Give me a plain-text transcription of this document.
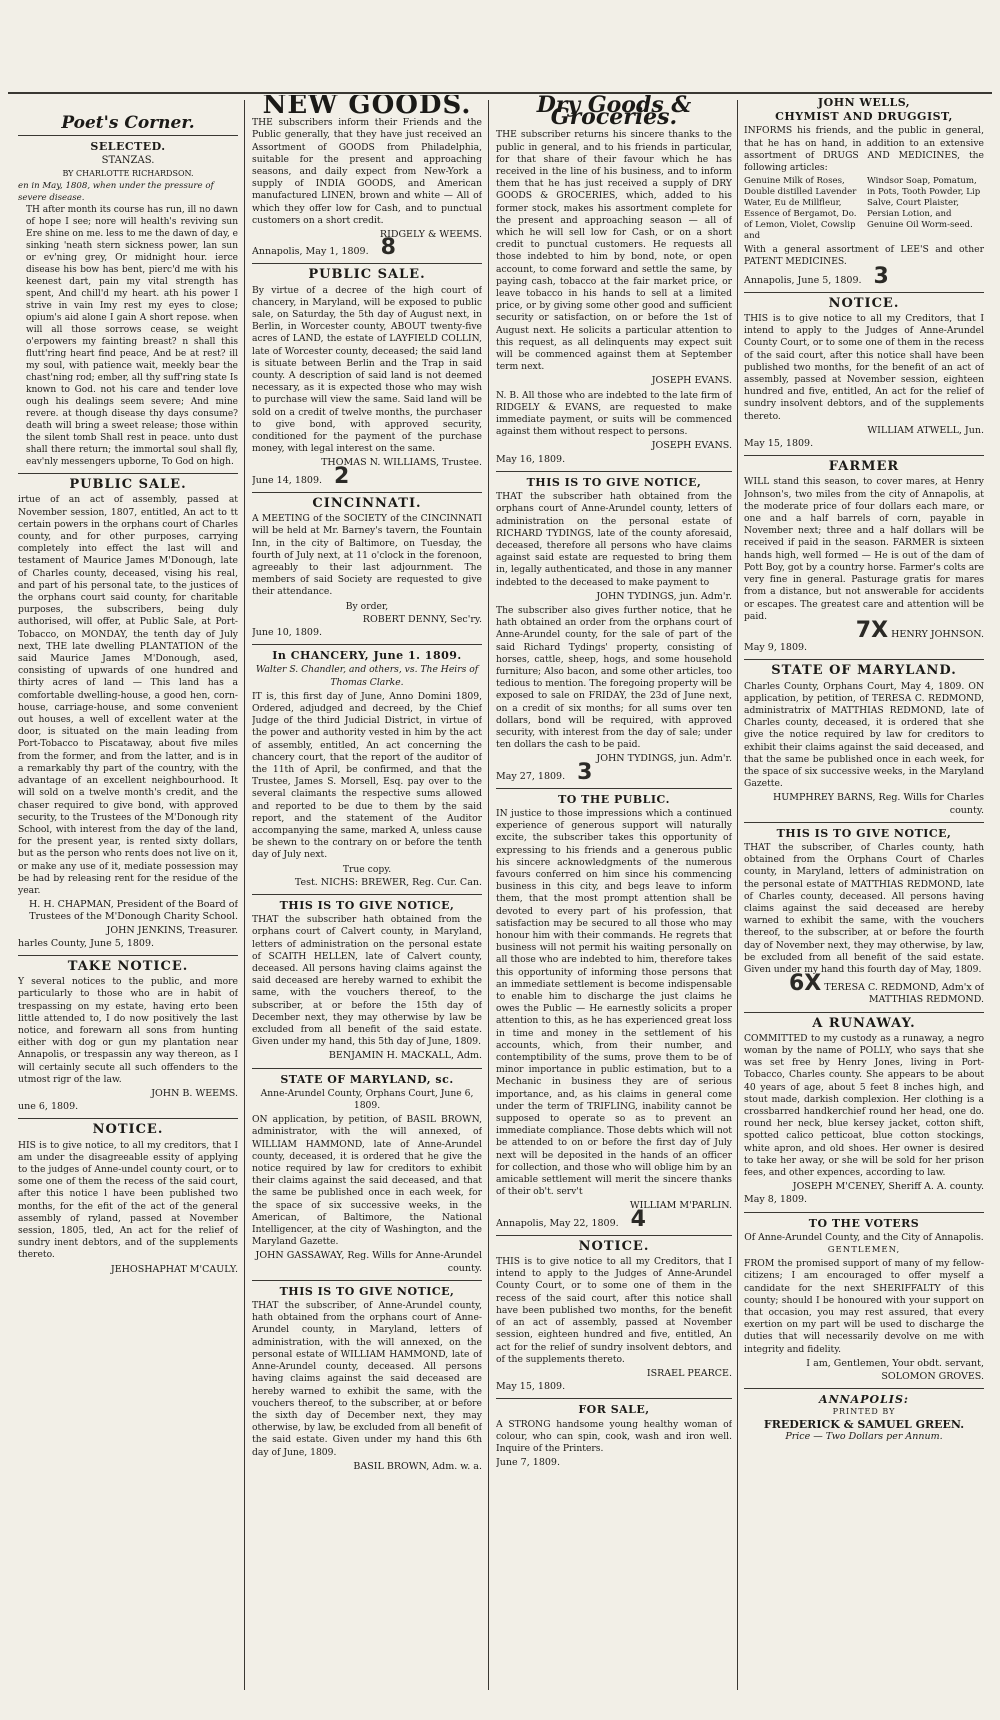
Poet's Corner.
SELECTED.
STANZAS.
BY CHARLOTTE RICHARDSON.
en in May, 1808, when under the pressure of severe disease.

TH after month its course has run, ill no dawn of hope I see; nore will health's reviving sun Ere shine on me. less to me the dawn of day, e sinking 'neath stern sickness power, lan sun or ev'ning grey, Or midnight hour. ierce disease his bow has bent, pierc'd me with his keenest dart, pain my vital strength has spent, And chill'd my heart. ath his power I strive in vain Imy rest my eyes to close; opium's aid alone I gain A short repose. when will all those sorrows cease, se weight o'erpowers my fainting breast? n shall this flutt'ring heart find peace, And be at rest? ill my soul, with patience wait, meekly bear the chast'ning rod; ember, all thy suff'ring state Is known to God. not his care and tender love ough his dealings seem severe; And mine revere. at though disease thy days consume? death will bring a sweet release; those within the silent tomb Shall rest in peace. unto dust shall there return; the immortal soul shall fly, eav'nly messengers upborne, To God on high.

PUBLIC SALE.

irtue of an act of assembly, passed at November session, 1807, entitled, An act to tt certain powers in the orphans court of Charles county, and for other purposes, carrying completely into effect the last will and testament of Maurice James M'Donough, late of Charles county, deceased, vising his real, and part of his personal tate, to the justices of the orphans court said county, for charitable purposes, the subscribers, being duly authorised, will offer, at Public Sale, at Port-Tobacco, on MONDAY, the tenth day of July next, THE late dwelling PLANTATION of the said Maurice James M'Donough, ased, consisting of upwards of one hundred and thirty acres of land — This land has a comfortable dwelling-house, a good hen, corn-house, carriage-house, and some convenient out houses, a well of excellent water at the door, is situated on the main leading from Port-Tobacco to Piscataway, about five miles from the former, and from the latter, and is in a remarkably thy part of the country, with the advantage of an excellent neighbourhood. It will sold on a twelve month's credit, and the chaser required to give bond, with approved security, to the Trustees of the M'Donough rity School, with interest from the day of the land, for the present year, is rented sixty dollars, but as the person who rents does not live on it, or make any use of it, mediate possession may be had by releasing rent for the residue of the year.

H. H. CHAPMAN, President of the Board of Trustees of the M'Donough Charity School.
JOHN JENKINS, Treasurer.
harles County, June 5, 1809.
TAKE NOTICE.

Y several notices to the public, and more particularly to those who are in habit of trespassing on my estate, having erto been little attended to, I do now positively the last notice, and forewarn all sons from hunting either with dog or gun my plantation near Annapolis, or trespassin any way thereon, as I will certainly secute all such offenders to the utmost rigr of the law.

JOHN B. WEEMS.
une 6, 1809.
NOTICE.

HIS is to give notice, to all my creditors, that I am under the disagreeable essity of applying to the judges of Anne-undel county court, or to some one of them the recess of the said court, after this notice l have been published two months, for the efit of the act of the general assembly of ryland, passed at November session, 1805, tled, An act for the relief of sundry inent debtors, and of the supplements thereto.

JEHOSHAPHAT M'CAULY.
NEW GOODS.

THE subscribers inform their Friends and the Public generally, that they have just received an Assortment of GOODS from Philadelphia, suitable for the present and approaching seasons, and daily expect from New-York a supply of INDIA GOODS, and American manufactured LINEN, brown and white — All of which they offer low for Cash, and to punctual customers on a short credit.

RIDGELY & WEEMS.
Annapolis, May 1, 1809. 8
PUBLIC SALE.

By virtue of a decree of the high court of chancery, in Maryland, will be exposed to public sale, on Saturday, the 5th day of August next, in Berlin, in Worcester county, ABOUT twenty-five acres of LAND, the estate of LAYFIELD COLLIN, late of Worcester county, deceased; the said land is situate between Berlin and the Trap in said county. A description of said land is not deemed necessary, as it is expected those who may wish to purchase will view the same. Said land will be sold on a credit of twelve months, the purchaser to give bond, with approved security, conditioned for the payment of the purchase money, with legal interest on the same.

THOMAS N. WILLIAMS, Trustee.
June 14, 1809. 2
CINCINNATI.

A MEETING of the SOCIETY of the CINCINNATI will be held at Mr. Barney's tavern, the Fountain Inn, in the city of Baltimore, on Tuesday, the fourth of July next, at 11 o'clock in the forenoon, agreeably to their last adjournment. The members of said Society are requested to give their attendance.

By order,
ROBERT DENNY, Sec'ry.
June 10, 1809.
In CHANCERY, June 1. 1809.
Walter S. Chandler, and others, vs. The Heirs of Thomas Clarke.

IT is, this first day of June, Anno Domini 1809, Ordered, adjudged and decreed, by the Chief Judge of the third Judicial District, in virtue of the power and authority vested in him by the act of assembly, entitled, An act concerning the chancery court, that the report of the auditor of the 11th of April, be confirmed, and that the Trustee, James S. Morsell, Esq. pay over to the several claimants the respective sums allowed and reported to be due to them by the said report, and the statement of the Auditor accompanying the same, marked A, unless cause be shewn to the contrary on or before the tenth day of July next.

True copy.
Test. NICHS: BREWER, Reg. Cur. Can.
THIS IS TO GIVE NOTICE,

THAT the subscriber hath obtained from the orphans court of Calvert county, in Maryland, letters of administration on the personal estate of SCAITH HELLEN, late of Calvert county, deceased. All persons having claims against the said deceased are hereby warned to exhibit the same, with the vouchers thereof, to the subscriber, at or before the 15th day of December next, they may otherwise by law be excluded from all benefit of the said estate. Given under my hand, this 5th day of June, 1809.

BENJAMIN H. MACKALL, Adm.
STATE OF MARYLAND, sc.
Anne-Arundel County, Orphans Court, June 6, 1809.

ON application, by petition, of BASIL BROWN, administrator, with the will annexed, of WILLIAM HAMMOND, late of Anne-Arundel county, deceased, it is ordered that he give the notice required by law for creditors to exhibit their claims against the said deceased, and that the same be published once in each week, for the space of six successive weeks, in the American, of Baltimore, the National Intelligencer, at the city of Washington, and the Maryland Gazette.

JOHN GASSAWAY, Reg. Wills for Anne-Arundel county.
THIS IS TO GIVE NOTICE,

THAT the subscriber, of Anne-Arundel county, hath obtained from the orphans court of Anne-Arundel county, in Maryland, letters of administration, with the will annexed, on the personal estate of WILLIAM HAMMOND, late of Anne-Arundel county, deceased. All persons having claims against the said deceased are hereby warned to exhibit the same, with the vouchers thereof, to the subscriber, at or before the sixth day of December next, they may otherwise, by law, be excluded from all benefit of the said estate. Given under my hand this 6th day of June, 1809.

BASIL BROWN, Adm. w. a.
Dry Goods & Groceries.

THE subscriber returns his sincere thanks to the public in general, and to his friends in particular, for that share of their favour which he has received in the line of his business, and to inform them that he has just received a supply of DRY GOODS & GROCERIES, which, added to his former stock, makes his assortment complete for the present and approaching season — all of which he will sell low for Cash, or on a short credit to punctual customers. He requests all those indebted to him by bond, note, or open account, to come forward and settle the same, by paying cash, tobacco at the fair market price, or leave tobacco in his hands to sell at a limited price, or by giving some other good and sufficient security or satisfaction, on or before the 1st of August next. He solicits a particular attention to this request, as all delinquents may expect suit will be commenced against them at September term next.

JOSEPH EVANS.

N. B. All those who are indebted to the late firm of RIDGELY & EVANS, are requested to make immediate payment, or suits will be commenced against them without respect to persons.

JOSEPH EVANS.
May 16, 1809.
THIS IS TO GIVE NOTICE,

THAT the subscriber hath obtained from the orphans court of Anne-Arundel county, letters of administration on the personal estate of RICHARD TYDINGS, late of the county aforesaid, deceased, therefore all persons who have claims against said estate are requested to bring them in, legally authenticated, and those in any manner indebted to the deceased to make payment to

JOHN TYDINGS, jun. Adm'r.

The subscriber also gives further notice, that he hath obtained an order from the orphans court of Anne-Arundel county, for the sale of part of the said Richard Tydings' property, consisting of horses, cattle, sheep, hogs, and some household furniture; Also bacon, and some other articles, too tedious to mention. The foregoing property will be exposed to sale on FRIDAY, the 23d of June next, on a credit of six months; for all sums over ten dollars, bond will be required, with approved security, with interest from the day of sale; under ten dollars the cash to be paid.

JOHN TYDINGS, jun. Adm'r.
May 27, 1809. 3
TO THE PUBLIC.

IN justice to those impressions which a continued experience of generous support will naturally excite, the subscriber takes this opportunity of expressing to his friends and a generous public his sincere acknowledgments of the numerous favours conferred on him since his commencing business in this city, and begs leave to inform them, that the most prompt attention shall be devoted to every part of his profession, that satisfaction may be secured to all those who may honour him with their commands. He regrets that business will not permit his waiting personally on all those who are indebted to him, therefore takes this opportunity of informing those persons that an immediate settlement is become indispensable to enable him to discharge the just claims he owes the Public — He earnestly solicits a proper attention to this, as he has experienced great loss in time and money in the settlement of his accounts, which, from their number, and contemptibility of the sums, prove them to be of minor importance in public estimation, but to a Mechanic in business they are of serious importance, and, as his claims in general come under the term of TRIFLING, inability cannot be supposed to operate so as to prevent an immediate compliance. Those debts which will not be attended to on or before the first day of July next will be deposited in the hands of an officer for collection, and those who will oblige him by an amicable settlement will merit the sincere thanks of their ob't. serv't

WILLIAM M'PARLIN.
Annapolis, May 22, 1809. 4
NOTICE.

THIS is to give notice to all my Creditors, that I intend to apply to the Judges of Anne-Arundel County Court, or to some one of them in the recess of the said court, after this notice shall have been published two months, for the benefit of an act of assembly, passed at November session, eighteen hundred and five, entitled, An act for the relief of sundry insolvent debtors, and of the supplements thereto.

ISRAEL PEARCE.
May 15, 1809.
FOR SALE,

A STRONG handsome young healthy woman of colour, who can spin, cook, wash and iron well. Inquire of the Printers.

June 7, 1809.
JOHN WELLS,
CHYMIST AND DRUGGIST,

INFORMS his friends, and the public in general, that he has on hand, in addition to an extensive assortment of DRUGS AND MEDICINES, the following articles:

Genuine Milk of Roses, Double distilled Lavender Water, Eu de Millfleur, Essence of Bergamot, Do. of Lemon, Violet, Cowslip and
Windsor Soap, Pomatum, in Pots, Tooth Powder, Lip Salve, Court Plaister, Persian Lotion, and Genuine Oil Worm-seed.

With a general assortment of LEE'S and other PATENT MEDICINES.

Annapolis, June 5, 1809. 3
NOTICE.

THIS is to give notice to all my Creditors, that I intend to apply to the Judges of Anne-Arundel County Court, or to some one of them in the recess of the said court, after this notice shall have been published two months, for the benefit of an act of assembly, passed at November session, eighteen hundred and five, entitled, An act for the relief of sundry insolvent debtors, and of the supplements thereto.

WILLIAM ATWELL, Jun.
May 15, 1809.
FARMER

WILL stand this season, to cover mares, at Henry Johnson's, two miles from the city of Annapolis, at the moderate price of four dollars each mare, or one and a half barrels of corn, payable in November next; three and a half dollars will be received if paid in the season. FARMER is sixteen hands high, well formed — He is out of the dam of Pott Boy, got by a country horse. Farmer's colts are very fine in general. Pasturage gratis for mares from a distance, but not answerable for accidents or escapes. The greatest care and attention will be paid.

7X HENRY JOHNSON.
May 9, 1809.
STATE OF MARYLAND.

Charles County, Orphans Court, May 4, 1809. ON application, by petition, of TERESA C. REDMOND, administratrix of MATTHIAS REDMOND, late of Charles county, deceased, it is ordered that she give the notice required by law for creditors to exhibit their claims against the said deceased, and that the same be published once in each week, for the space of six successive weeks, in the Maryland Gazette.

HUMPHREY BARNS, Reg. Wills for Charles county.
THIS IS TO GIVE NOTICE,

THAT the subscriber, of Charles county, hath obtained from the Orphans Court of Charles county, in Maryland, letters of administration on the personal estate of MATTHIAS REDMOND, late of Charles county, deceased. All persons having claims against the said deceased are hereby warned to exhibit the same, with the vouchers thereof, to the subscriber, at or before the fourth day of November next, they may otherwise, by law, be excluded from all benefit of the said estate. Given under my hand this fourth day of May, 1809.

6X TERESA C. REDMOND, Adm'x of MATTHIAS REDMOND.
A RUNAWAY.

COMMITTED to my custody as a runaway, a negro woman by the name of POLLY, who says that she was set free by Henry Jones, living in Port-Tobacco, Charles county. She appears to be about 40 years of age, about 5 feet 8 inches high, and stout made, darkish complexion. Her clothing is a crossbarred handkerchief round her head, one do. round her neck, blue kersey jacket, cotton shift, spotted calico petticoat, blue cotton stockings, white apron, and old shoes. Her owner is desired to take her away, or she will be sold for her prison fees, and other expences, according to law.

JOSEPH M'CENEY, Sheriff A. A. county.
May 8, 1809.
TO THE VOTERS
Of Anne-Arundel County, and the City of Annapolis.
GENTLEMEN,

FROM the promised support of many of my fellow-citizens; I am encouraged to offer myself a candidate for the next SHERIFFALTY of this county; should I be honoured with your support on that occasion, you may rest assured, that every exertion on my part will be used to discharge the duties that will necessarily devolve on me with integrity and fidelity.

I am, Gentlemen, Your obdt. servant,
SOLOMON GROVES.
ANNAPOLIS:
PRINTED BY
FREDERICK & SAMUEL GREEN.
Price — Two Dollars per Annum.
